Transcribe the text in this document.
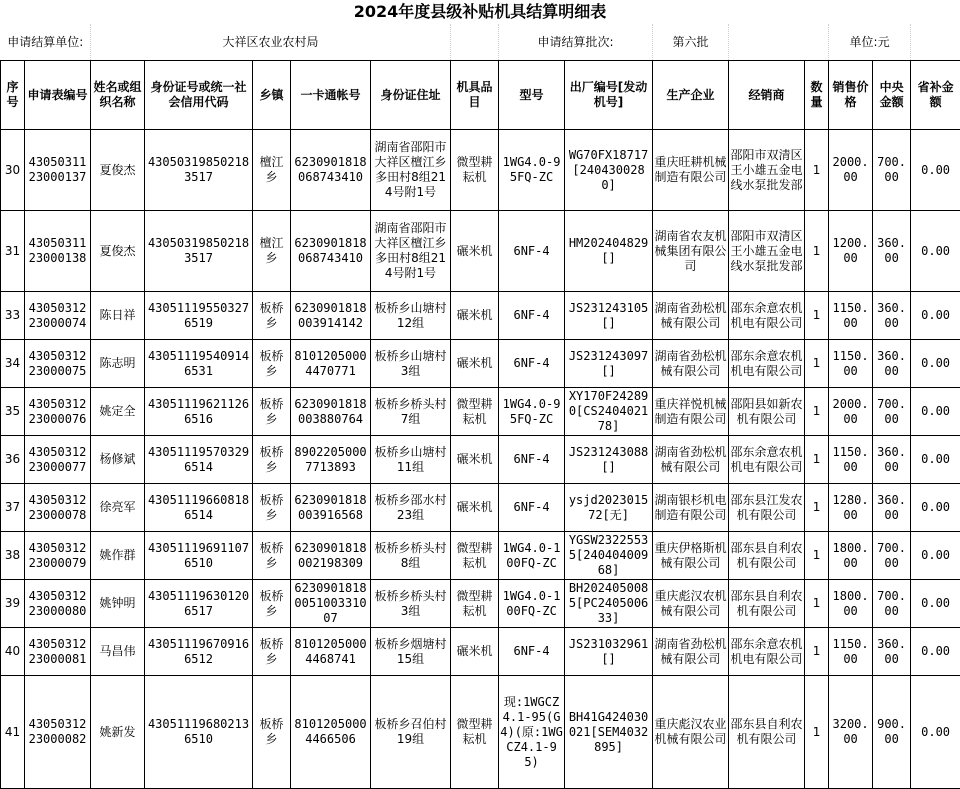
2024年度县级补贴机具结算明细表
申请结算单位:		大祥区农业农村局						申请结算批次:		第六批			单位:元		
序号	申请表编号	姓名或组织名称	身份证号或统一社会信用代码	乡镇	一卡通帐号	身份证住址	机具品目	型号	出厂编号[发动机号]	生产企业	经销商	数量	销售价格	中央金额	省补金额
30	4305031123000137	夏俊杰	430503198502183517	檀江乡	6230901818068743410	湖南省邵阳市大祥区檀江乡多田村8组214号附1号	微型耕耘机	1WG4.0-95FQ-ZC	WG70FX18717[2404300280]	重庆旺耕机械制造有限公司	邵阳市双清区王小雄五金电线水泵批发部	1	2000.00	700.00	0.00
31	4305031123000138	夏俊杰	430503198502183517	檀江乡	6230901818068743410	湖南省邵阳市大祥区檀江乡多田村8组214号附1号	碾米机	6NF-4	HM202404829[]	湖南省农友机械集团有限公司	邵阳市双清区王小雄五金电线水泵批发部	1	1200.00	360.00	0.00
33	4305031223000074	陈日祥	430511195503276519	板桥乡	6230901818003914142	板桥乡山塘村12组	碾米机	6NF-4	JS231243105[]	湖南省劲松机械有限公司	邵东余意农机机电有限公司	1	1150.00	360.00	0.00
34	4305031223000075	陈志明	430511195409146531	板桥乡	81012050004470771	板桥乡山塘村3组	碾米机	6NF-4	JS231243097[]	湖南省劲松机械有限公司	邵东余意农机机电有限公司	1	1150.00	360.00	0.00
35	4305031223000076	姚定全	430511196211266516	板桥乡	6230901818003880764	板桥乡桥头村7组	微型耕耘机	1WG4.0-95FQ-ZC	XY170F242890[CS240402178]	重庆祥悦机械制造有限公司	邵阳县如新农机有限公司	1	2000.00	700.00	0.00
36	4305031223000077	杨修斌	430511195703296514	板桥乡	89022050007713893	板桥乡山塘村11组	碾米机	6NF-4	JS231243088[]	湖南省劲松机械有限公司	邵东余意农机机电有限公司	1	1150.00	360.00	0.00
37	4305031223000078	徐亮军	430511196608186514	板桥乡	6230901818003916568	板桥乡邵水村23组	碾米机	6NF-4	ysjd202301572[无]	湖南银杉机电制造有限公司	邵东县江发农机有限公司	1	1280.00	360.00	0.00
38	4305031223000079	姚作群	430511196911076510	板桥乡	6230901818002198309	板桥乡桥头村8组	微型耕耘机	1WG4.0-100FQ-ZC	YGSW23225535[24040400968]	重庆伊格斯机械有限公司	邵东县自利农机有限公司	1	1800.00	700.00	0.00
39	4305031223000080	姚钟明	430511196301206517	板桥乡	6230901818005100331007	板桥乡桥头村3组	微型耕耘机	1WG4.0-100FQ-ZC	BH2024050085[PC240500633]	重庆彪汉农机械有限公司	邵东县自利农机有限公司	1	1800.00	700.00	0.00
40	4305031223000081	马昌伟	430511196709166512	板桥乡	81012050004468741	板桥乡烟塘村15组	碾米机	6NF-4	JS231032961[]	湖南省劲松机械有限公司	邵东余意农机机电有限公司	1	1150.00	360.00	0.00
41	4305031223000082	姚新发	430511196802136510	板桥乡	81012050004466506	板桥乡召伯村19组	微型耕耘机	现:1WGCZ4.1-95(G4)(原:1WGCZ4.1-95)	BH41G424030021[SEM4032895]	重庆彪汉农业机械有限公司	邵东县自利农机有限公司	1	3200.00	900.00	0.00
